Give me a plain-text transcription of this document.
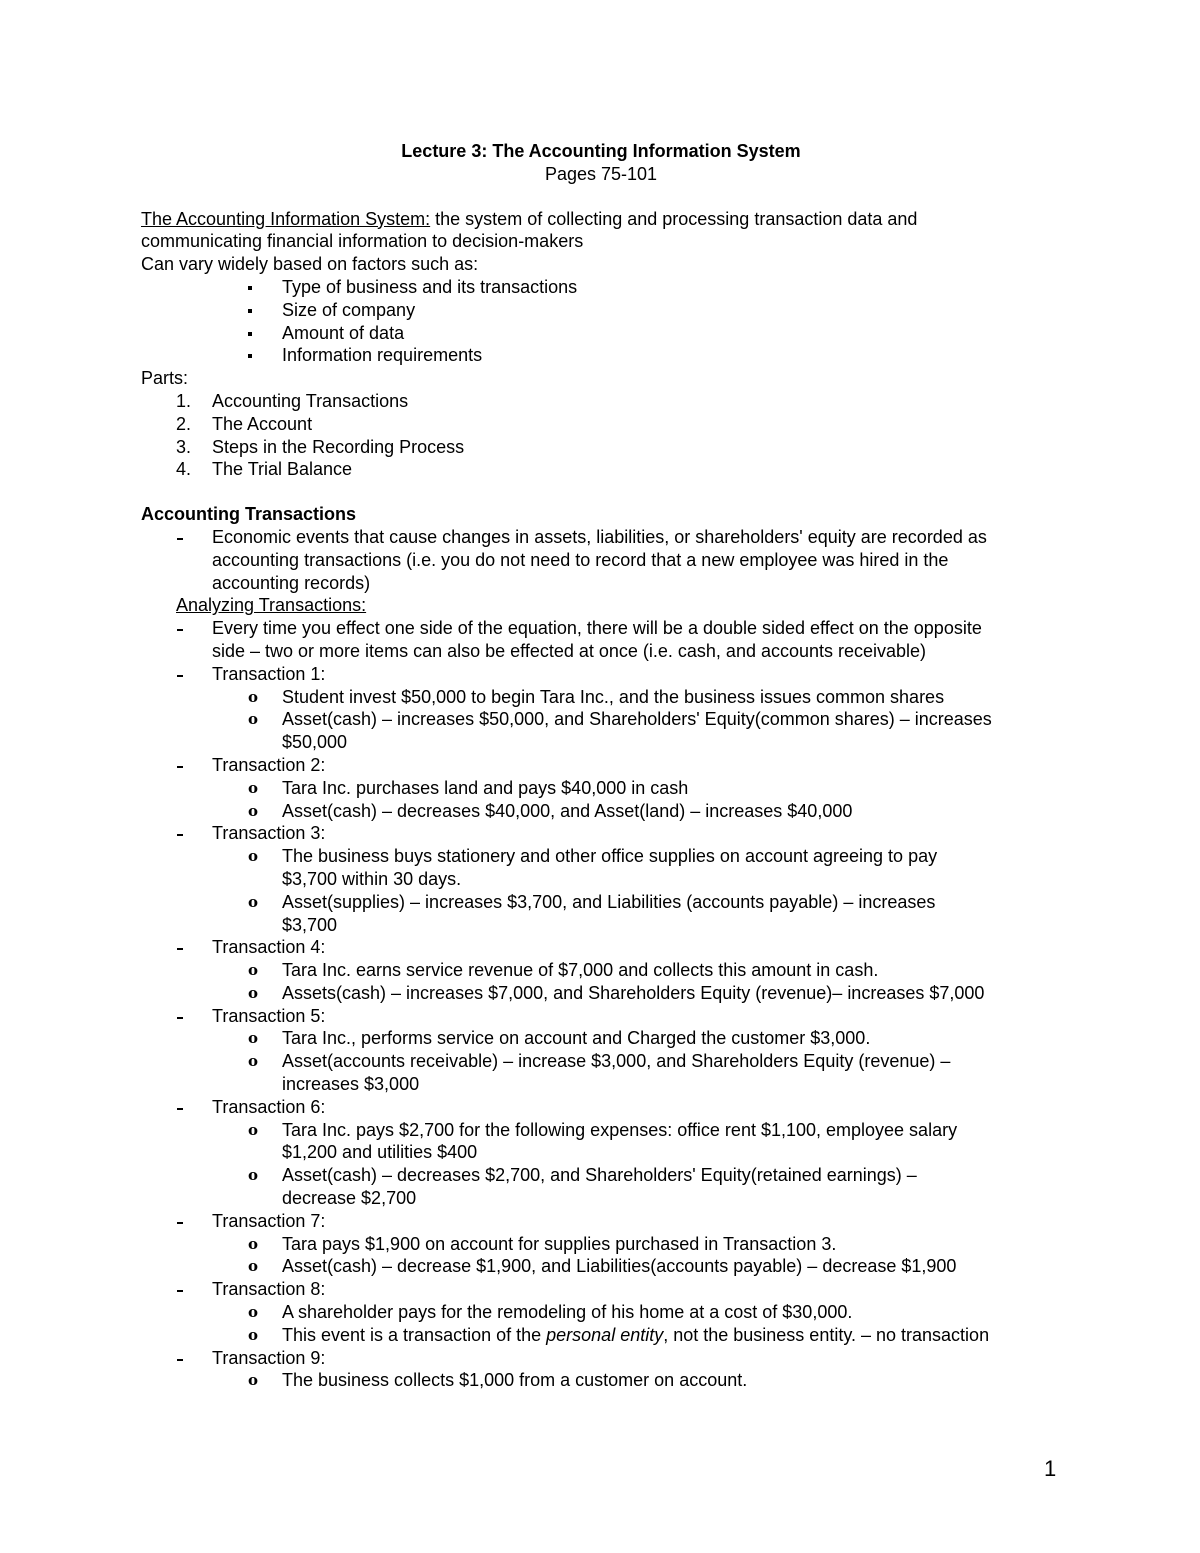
Lecture 3: The Accounting Information System
Pages 75-101
The Accounting Information System: the system of collecting and processing transaction data and
communicating financial information to decision-makers
Can vary widely based on factors such as:
Type of business and its transactions
Size of company
Amount of data
Information requirements
Parts:
1. Accounting Transactions
2. The Account
3. Steps in the Recording Process
4. The Trial Balance
Accounting Transactions
Economic events that cause changes in assets, liabilities, or shareholders' equity are recorded as
accounting transactions (i.e. you do not need to record that a new employee was hired in the
accounting records)
Analyzing Transactions:
Every time you effect one side of the equation, there will be a double sided effect on the opposite
side – two or more items can also be effected at once (i.e. cash, and accounts receivable)
Transaction 1:
o Student invest $50,000 to begin Tara Inc., and the business issues common shares
o Asset(cash) – increases $50,000, and Shareholders' Equity(common shares) – increases
$50,000
Transaction 2:
o Tara Inc. purchases land and pays $40,000 in cash
o Asset(cash) – decreases $40,000, and Asset(land) – increases $40,000
Transaction 3:
o The business buys stationery and other office supplies on account agreeing to pay
$3,700 within 30 days.
o Asset(supplies) – increases $3,700, and Liabilities (accounts payable) – increases
$3,700
Transaction 4:
o Tara Inc. earns service revenue of $7,000 and collects this amount in cash.
o Assets(cash) – increases $7,000, and Shareholders Equity (revenue)– increases $7,000
Transaction 5:
o Tara Inc., performs service on account and Charged the customer $3,000.
o Asset(accounts receivable) – increase $3,000, and Shareholders Equity (revenue) –
increases $3,000
Transaction 6:
o Tara Inc. pays $2,700 for the following expenses: office rent $1,100, employee salary
$1,200 and utilities $400
o Asset(cash) – decreases $2,700, and Shareholders' Equity(retained earnings) –
decrease $2,700
Transaction 7:
o Tara pays $1,900 on account for supplies purchased in Transaction 3.
o Asset(cash) – decrease $1,900, and Liabilities(accounts payable) – decrease $1,900
Transaction 8:
o A shareholder pays for the remodeling of his home at a cost of $30,000.
o This event is a transaction of the personal entity, not the business entity. – no transaction
Transaction 9:
o The business collects $1,000 from a customer on account.
1
